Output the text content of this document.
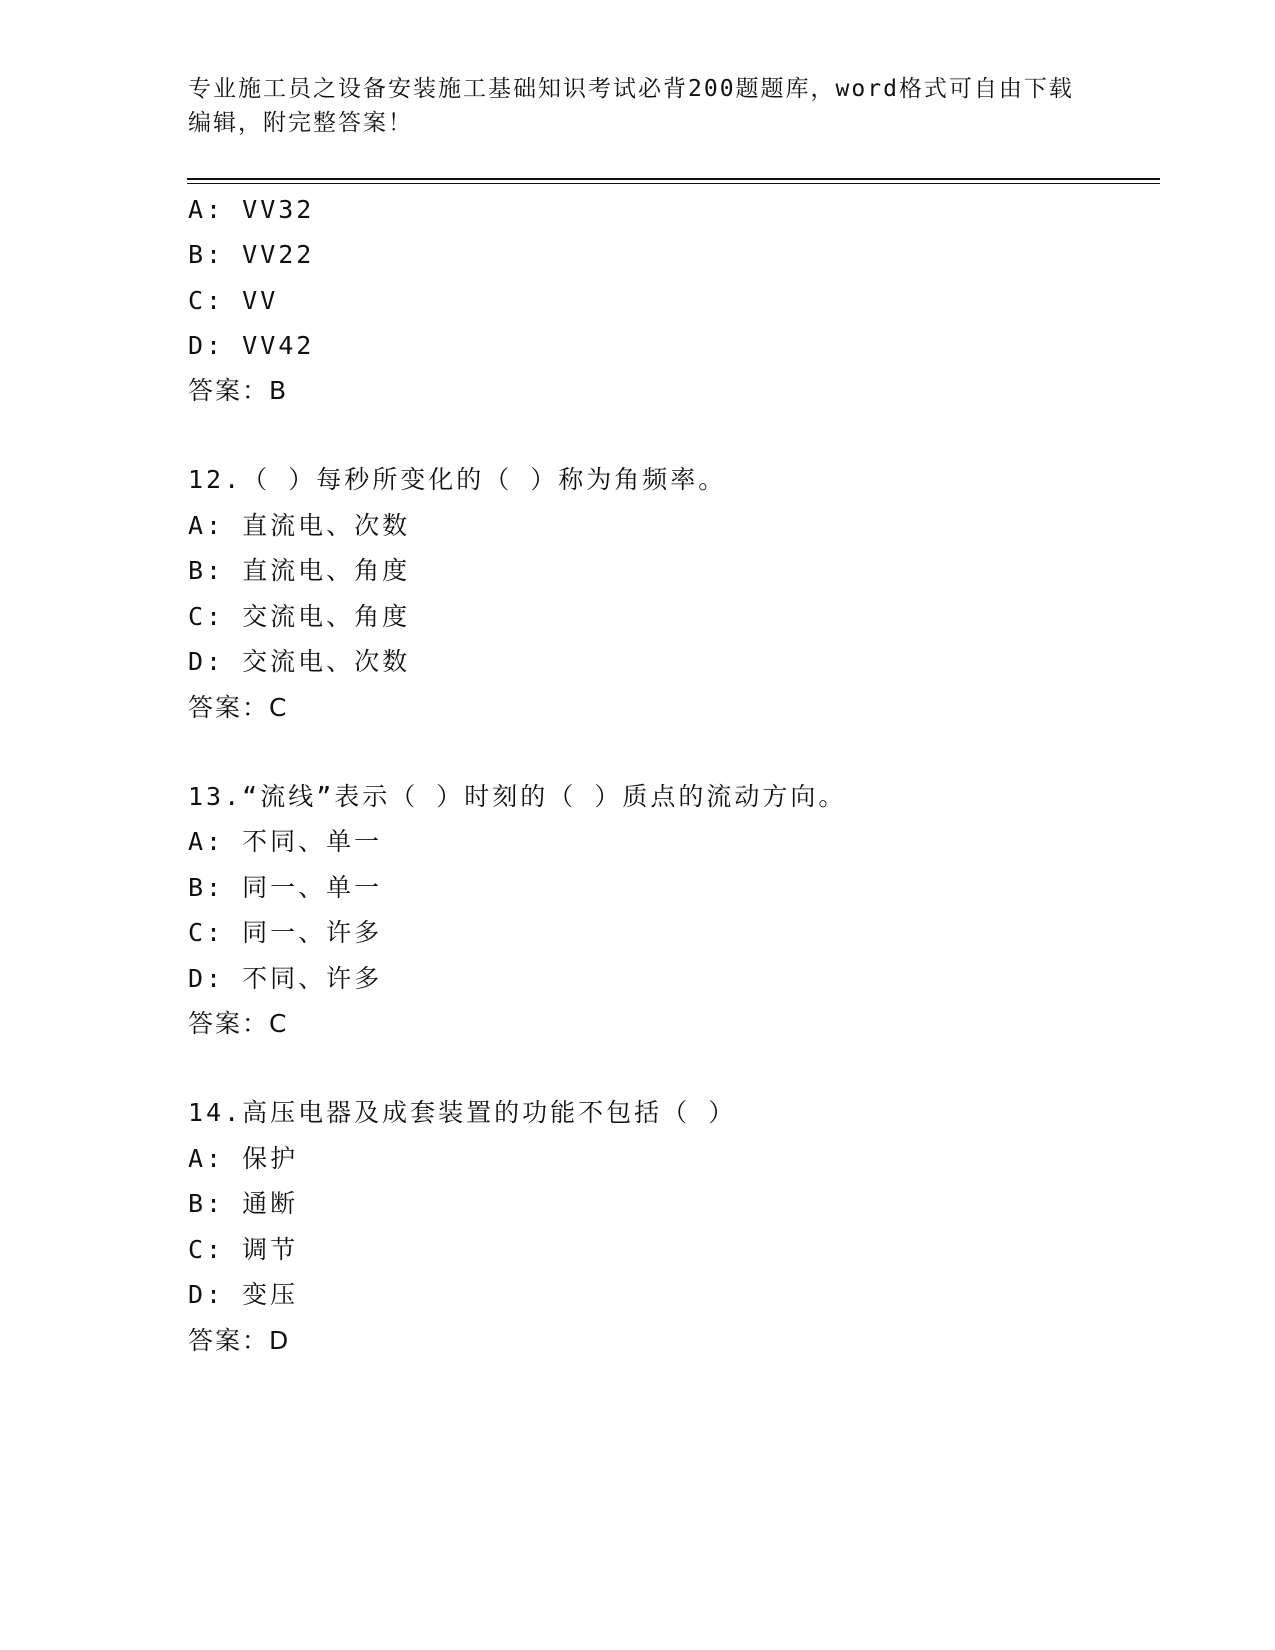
专业施工员之设备安装施工基础知识考试必背200题题库，word格式可自由下载
编辑，附完整答案！
A: VV32
B: VV22
C: VV
D: VV42
答案：B
12.（ ）每秒所变化的（ ）称为角频率。
A: 直流电、次数
B: 直流电、角度
C: 交流电、角度
D: 交流电、次数
答案：C
13.“流线”表示（ ）时刻的（ ）质点的流动方向。
A: 不同、单一
B: 同一、单一
C: 同一、许多
D: 不同、许多
答案：C
14.高压电器及成套装置的功能不包括（ ）
A: 保护
B: 通断
C: 调节
D: 变压
答案：D
